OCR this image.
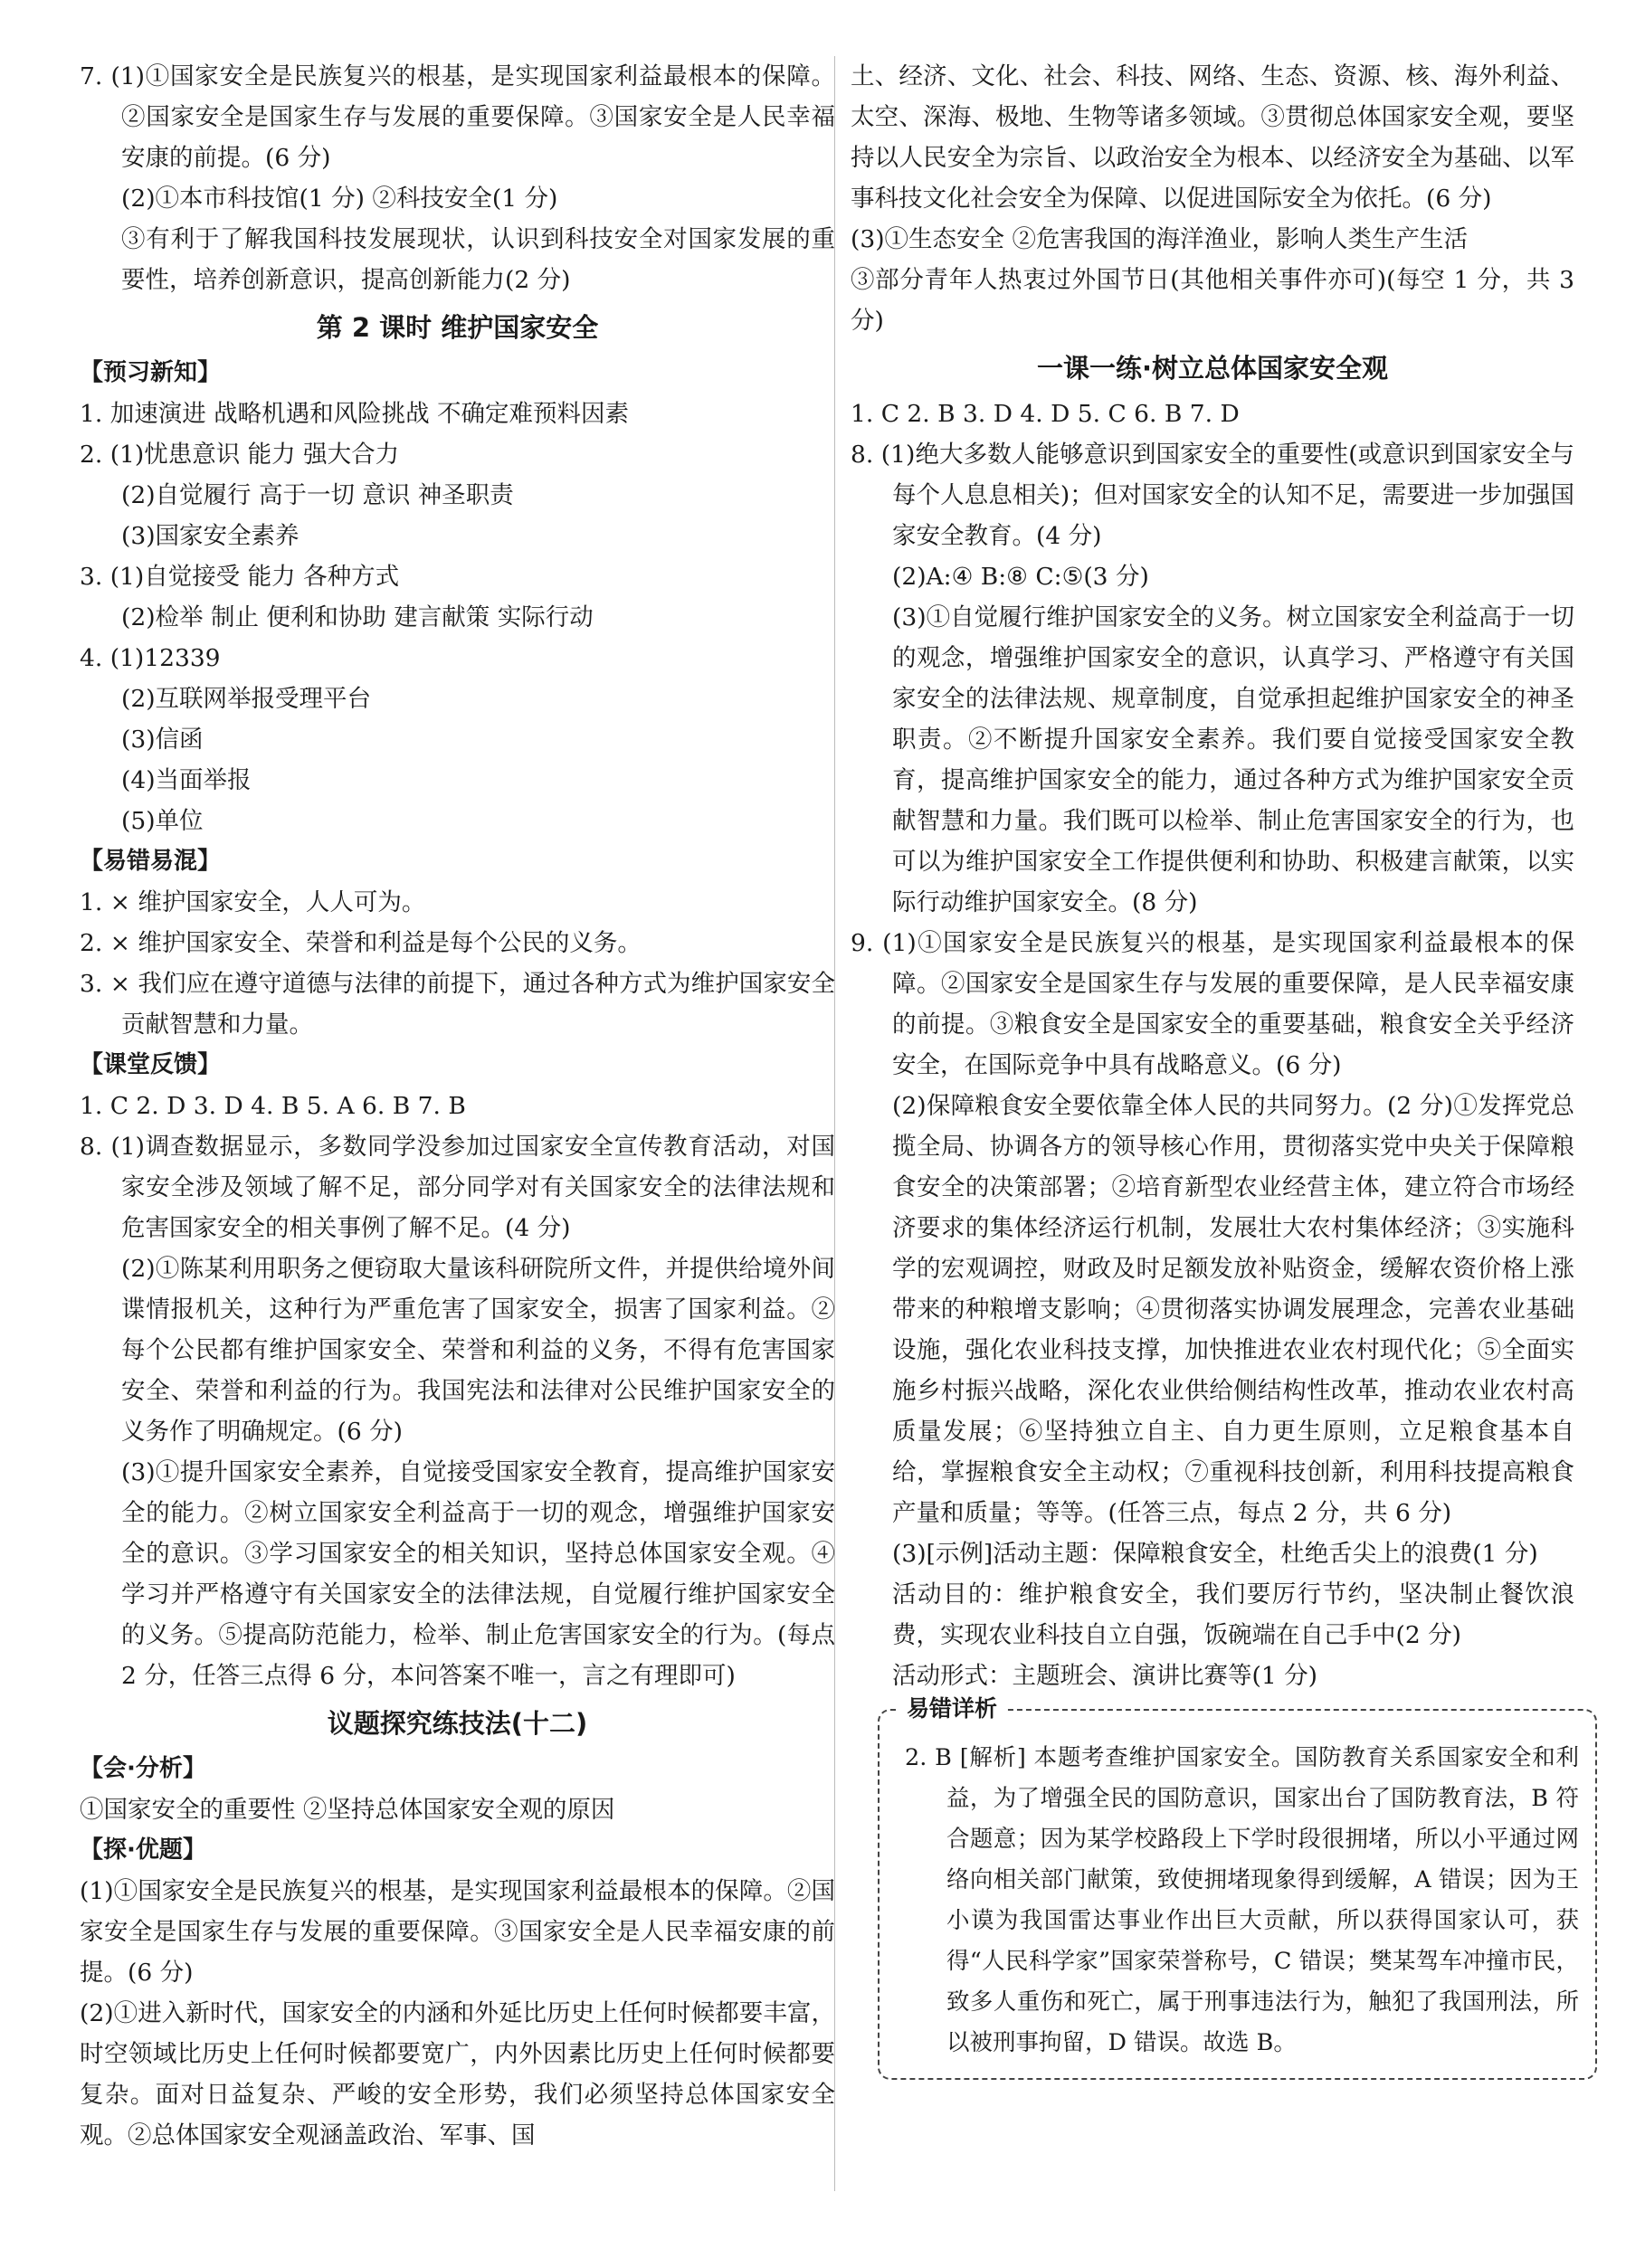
7. (1)①国家安全是民族复兴的根基，是实现国家利益最根本的保障。②国家安全是国家生存与发展的重要保障。③国家安全是人民幸福安康的前提。(6 分)

(2)①本市科技馆(1 分) ②科技安全(1 分)

③有利于了解我国科技发展现状，认识到科技安全对国家发展的重要性，培养创新意识，提高创新能力(2 分)

第 2 课时 维护国家安全

【预习新知】

1. 加速演进 战略机遇和风险挑战 不确定难预料因素

2. (1)忧患意识 能力 强大合力

(2)自觉履行 高于一切 意识 神圣职责

(3)国家安全素养

3. (1)自觉接受 能力 各种方式

(2)检举 制止 便利和协助 建言献策 实际行动

4. (1)12339

(2)互联网举报受理平台

(3)信函

(4)当面举报

(5)单位

【易错易混】

1. × 维护国家安全，人人可为。

2. × 维护国家安全、荣誉和利益是每个公民的义务。

3. × 我们应在遵守道德与法律的前提下，通过各种方式为维护国家安全贡献智慧和力量。

【课堂反馈】

1. C 2. D 3. D 4. B 5. A 6. B 7. B

8. (1)调查数据显示，多数同学没参加过国家安全宣传教育活动，对国家安全涉及领域了解不足，部分同学对有关国家安全的法律法规和危害国家安全的相关事例了解不足。(4 分)

(2)①陈某利用职务之便窃取大量该科研院所文件，并提供给境外间谍情报机关，这种行为严重危害了国家安全，损害了国家利益。②每个公民都有维护国家安全、荣誉和利益的义务，不得有危害国家安全、荣誉和利益的行为。我国宪法和法律对公民维护国家安全的义务作了明确规定。(6 分)

(3)①提升国家安全素养，自觉接受国家安全教育，提高维护国家安全的能力。②树立国家安全利益高于一切的观念，增强维护国家安全的意识。③学习国家安全的相关知识，坚持总体国家安全观。④学习并严格遵守有关国家安全的法律法规，自觉履行维护国家安全的义务。⑤提高防范能力，检举、制止危害国家安全的行为。(每点 2 分，任答三点得 6 分，本问答案不唯一，言之有理即可)

议题探究练技法(十二)

【会·分析】

①国家安全的重要性 ②坚持总体国家安全观的原因

【探·优题】

(1)①国家安全是民族复兴的根基，是实现国家利益最根本的保障。②国家安全是国家生存与发展的重要保障。③国家安全是人民幸福安康的前提。(6 分)

(2)①进入新时代，国家安全的内涵和外延比历史上任何时候都要丰富，时空领域比历史上任何时候都要宽广，内外因素比历史上任何时候都要复杂。面对日益复杂、严峻的安全形势，我们必须坚持总体国家安全观。②总体国家安全观涵盖政治、军事、国

土、经济、文化、社会、科技、网络、生态、资源、核、海外利益、太空、深海、极地、生物等诸多领域。③贯彻总体国家安全观，要坚持以人民安全为宗旨、以政治安全为根本、以经济安全为基础、以军事科技文化社会安全为保障、以促进国际安全为依托。(6 分)

(3)①生态安全 ②危害我国的海洋渔业，影响人类生产生活

③部分青年人热衷过外国节日(其他相关事件亦可)(每空 1 分，共 3 分)

一课一练·树立总体国家安全观

1. C 2. B 3. D 4. D 5. C 6. B 7. D

8. (1)绝大多数人能够意识到国家安全的重要性(或意识到国家安全与每个人息息相关)；但对国家安全的认知不足，需要进一步加强国家安全教育。(4 分)

(2)A:④ B:⑧ C:⑤(3 分)

(3)①自觉履行维护国家安全的义务。树立国家安全利益高于一切的观念，增强维护国家安全的意识，认真学习、严格遵守有关国家安全的法律法规、规章制度，自觉承担起维护国家安全的神圣职责。②不断提升国家安全素养。我们要自觉接受国家安全教育，提高维护国家安全的能力，通过各种方式为维护国家安全贡献智慧和力量。我们既可以检举、制止危害国家安全的行为，也可以为维护国家安全工作提供便利和协助、积极建言献策，以实际行动维护国家安全。(8 分)

9. (1)①国家安全是民族复兴的根基，是实现国家利益最根本的保障。②国家安全是国家生存与发展的重要保障，是人民幸福安康的前提。③粮食安全是国家安全的重要基础，粮食安全关乎经济安全，在国际竞争中具有战略意义。(6 分)

(2)保障粮食安全要依靠全体人民的共同努力。(2 分)①发挥党总揽全局、协调各方的领导核心作用，贯彻落实党中央关于保障粮食安全的决策部署；②培育新型农业经营主体，建立符合市场经济要求的集体经济运行机制，发展壮大农村集体经济；③实施科学的宏观调控，财政及时足额发放补贴资金，缓解农资价格上涨带来的种粮增支影响；④贯彻落实协调发展理念，完善农业基础设施，强化农业科技支撑，加快推进农业农村现代化；⑤全面实施乡村振兴战略，深化农业供给侧结构性改革，推动农业农村高质量发展；⑥坚持独立自主、自力更生原则，立足粮食基本自给，掌握粮食安全主动权；⑦重视科技创新，利用科技提高粮食产量和质量；等等。(任答三点，每点 2 分，共 6 分)

(3)[示例]活动主题：保障粮食安全，杜绝舌尖上的浪费(1 分)

活动目的：维护粮食安全，我们要厉行节约，坚决制止餐饮浪费，实现农业科技自立自强，饭碗端在自己手中(2 分)

活动形式：主题班会、演讲比赛等(1 分)

易错详析

2. B [解析] 本题考查维护国家安全。国防教育关系国家安全和利益，为了增强全民的国防意识，国家出台了国防教育法，B 符合题意；因为某学校路段上下学时段很拥堵，所以小平通过网络向相关部门献策，致使拥堵现象得到缓解，A 错误；因为王小谟为我国雷达事业作出巨大贡献，所以获得国家认可，获得“人民科学家”国家荣誉称号，C 错误；樊某驾车冲撞市民，致多人重伤和死亡，属于刑事违法行为，触犯了我国刑法，所以被刑事拘留，D 错误。故选 B。
